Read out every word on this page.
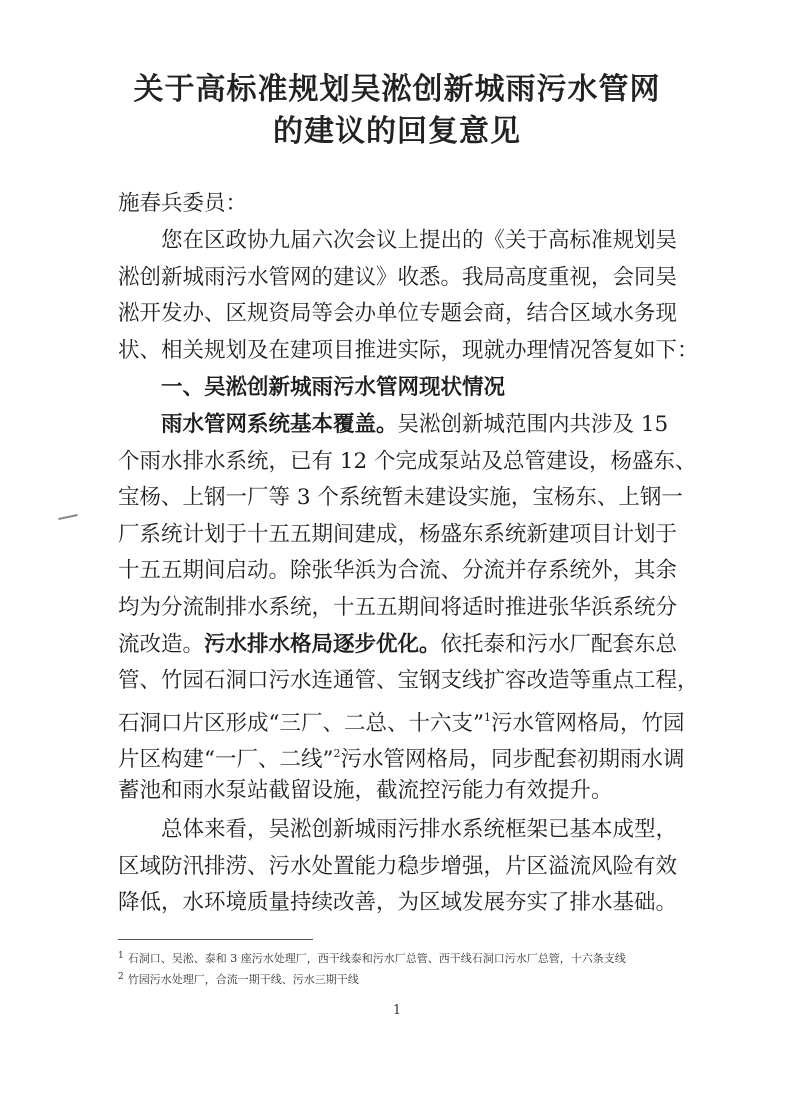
关于高标准规划吴淞创新城雨污水管网
的建议的回复意见
施春兵委员：
您在区政协九届六次会议上提出的《关于高标准规划吴
淞创新城雨污水管网的建议》收悉。我局高度重视，会同吴
淞开发办、区规资局等会办单位专题会商，结合区域水务现
状、相关规划及在建项目推进实际，现就办理情况答复如下：
一、吴淞创新城雨污水管网现状情况
雨水管网系统基本覆盖。吴淞创新城范围内共涉及 15
个雨水排水系统，已有 12 个完成泵站及总管建设，杨盛东、
宝杨、上钢一厂等 3 个系统暂未建设实施，宝杨东、上钢一
厂系统计划于十五五期间建成，杨盛东系统新建项目计划于
十五五期间启动。除张华浜为合流、分流并存系统外，其余
均为分流制排水系统，十五五期间将适时推进张华浜系统分
流改造。污水排水格局逐步优化。依托泰和污水厂配套东总
管、竹园石洞口污水连通管、宝钢支线扩容改造等重点工程，
石洞口片区形成“三厂、二总、十六支”$^1$污水管网格局，竹园
片区构建“一厂、二线”$^2$污水管网格局，同步配套初期雨水调
蓄池和雨水泵站截留设施，截流控污能力有效提升。
总体来看，吴淞创新城雨污排水系统框架已基本成型，
区域防汛排涝、污水处置能力稳步增强，片区溢流风险有效
降低，水环境质量持续改善，为区域发展夯实了排水基础。
$^1$ 石洞口、吴淞、泰和 3 座污水处理厂，西干线泰和污水厂总管、西干线石洞口污水厂总管，十六条支线
$^2$ 竹园污水处理厂，合流一期干线、污水三期干线
1
